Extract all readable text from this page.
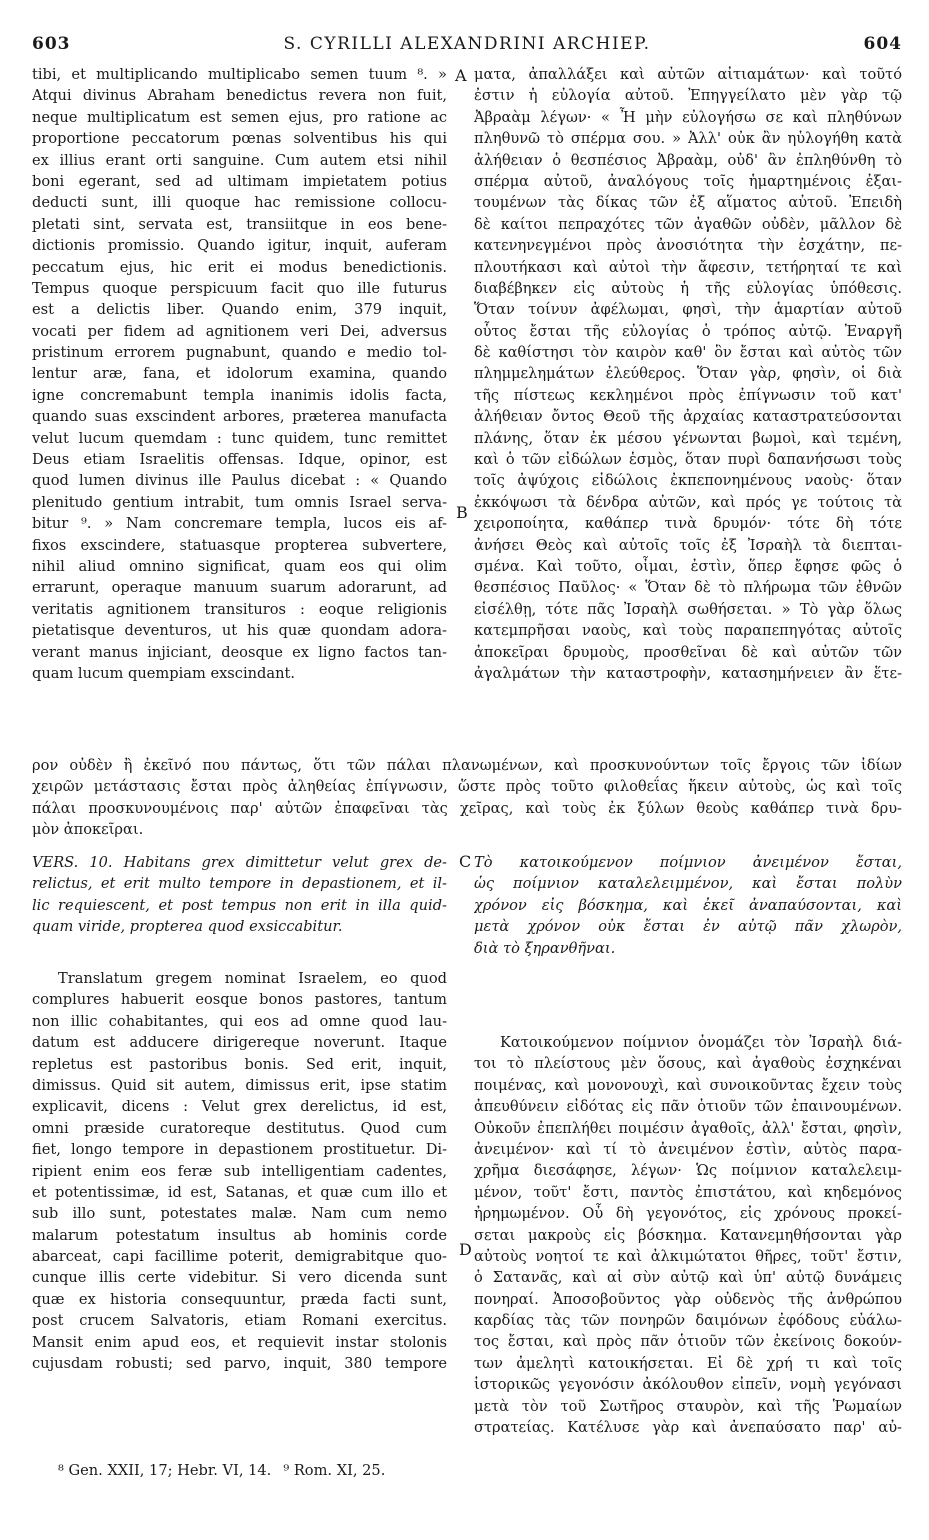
603	S. CYRILLI ALEXANDRINI ARCHIEP.	604
A
B
C
D
tibi, et multiplicando multiplicabo semen tuum ⁸. »
Atqui divinus Abraham benedictus revera non fuit,
neque multiplicatum est semen ejus, pro ratione ac
proportione peccatorum pœnas solventibus his qui
ex illius erant orti sanguine. Cum autem etsi nihil
boni egerant, sed ad ultimam impietatem potius
deducti sunt, illi quoque hac remissione collocu-
pletati sint, servata est, transiitque in eos bene-
dictionis promissio. Quando igitur, inquit, auferam
peccatum ejus, hic erit ei modus benedictionis.
Tempus quoque perspicuum facit quo ille futurus
est a delictis liber. Quando enim, 379 inquit,
vocati per fidem ad agnitionem veri Dei, adversus
pristinum errorem pugnabunt, quando e medio tol-
lentur aræ, fana, et idolorum examina, quando
igne concremabunt templa inanimis idolis facta,
quando suas exscindent arbores, præterea manufacta
velut lucum quemdam : tunc quidem, tunc remittet
Deus etiam Israelitis offensas. Idque, opinor, est
quod lumen divinus ille Paulus dicebat : « Quando
plenitudo gentium intrabit, tum omnis Israel serva-
bitur ⁹. » Nam concremare templa, lucos eis af-
fixos exscindere, statuasque propterea subvertere,
nihil aliud omnino significat, quam eos qui olim
errarunt, operaque manuum suarum adorarunt, ad
veritatis agnitionem transituros : eoque religionis
pietatisque deventuros, ut his quæ quondam adora-
verant manus injiciant, deosque ex ligno factos tan-
quam lucum quempiam exscindant.
ματα, ἀπαλλάξει καὶ αὐτῶν αἰτιαμάτων· καὶ τοῦτό
ἐστιν ἡ εὐλογία αὐτοῦ. Ἐπηγγείλατο μὲν γὰρ τῷ
Ἀβραὰμ λέγων· « Ἦ μὴν εὐλογήσω σε καὶ πληθύνων
πληθυνῶ τὸ σπέρμα σου. » Ἀλλ' οὐκ ἂν ηὐλογήθη κατὰ
ἀλήθειαν ὁ θεσπέσιος Ἀβραὰμ, οὐδ' ἂν ἐπληθύνθη τὸ
σπέρμα αὐτοῦ, ἀναλόγους τοῖς ἡμαρτημένοις ἐξαι-
τουμένων τὰς δίκας τῶν ἐξ αἵματος αὐτοῦ. Ἐπειδὴ
δὲ καίτοι πεπραχότες τῶν ἀγαθῶν οὐδὲν, μᾶλλον δὲ
κατενηνεγμένοι πρὸς ἀνοσιότητα τὴν ἐσχάτην, πε-
πλουτήκασι καὶ αὐτοὶ τὴν ἄφεσιν, τετήρηταί τε καὶ
διαβέβηκεν εἰς αὐτοὺς ἡ τῆς εὐλογίας ὑπόθεσις.
Ὅταν τοίνυν ἀφέλωμαι, φησὶ, τὴν ἁμαρτίαν αὐτοῦ
οὗτος ἔσται τῆς εὐλογίας ὁ τρόπος αὐτῷ. Ἐναργῆ
δὲ καθίστησι τὸν καιρὸν καθ' ὃν ἔσται καὶ αὐτὸς τῶν
πλημμελημάτων ἐλεύθερος. Ὅταν γὰρ, φησὶν, οἱ διὰ
τῆς πίστεως κεκλημένοι πρὸς ἐπίγνωσιν τοῦ κατ'
ἀλήθειαν ὄντος Θεοῦ τῆς ἀρχαίας καταστρατεύσονται
πλάνης, ὅταν ἐκ μέσου γένωνται βωμοὶ, καὶ τεμένη,
καὶ ὁ τῶν εἰδώλων ἑσμὸς, ὅταν πυρὶ δαπανήσωσι τοὺς
τοῖς ἀψύχοις εἰδώλοις ἐκπεπονημένους ναοὺς· ὅταν
ἐκκόψωσι τὰ δένδρα αὐτῶν, καὶ πρός γε τούτοις τὰ
χειροποίητα, καθάπερ τινὰ δρυμόν· τότε δὴ τότε
ἀνήσει Θεὸς καὶ αὐτοῖς τοῖς ἐξ Ἰσραὴλ τὰ διεπται-
σμένα. Καὶ τοῦτο, οἶμαι, ἐστὶν, ὅπερ ἔφησε φῶς ὁ
θεσπέσιος Παῦλος· « Ὅταν δὲ τὸ πλήρωμα τῶν ἐθνῶν
εἰσέλθῃ, τότε πᾶς Ἰσραὴλ σωθήσεται. » Τὸ γὰρ ὅλως
κατεμπρῆσαι ναοὺς, καὶ τοὺς παραπεπηγότας αὐτοῖς
ἀποκεῖραι δρυμοὺς, προσθεῖναι δὲ καὶ αὐτῶν τῶν
ἀγαλμάτων τὴν καταστροφὴν, κατασημήνειεν ἂν ἕτε-
ρον οὐδὲν ἢ ἐκεῖνό που πάντως, ὅτι τῶν πάλαι πλανωμένων, καὶ προσκυνούντων τοῖς ἔργοις τῶν ἰδίων
χειρῶν μετάστασις ἔσται πρὸς ἀληθείας ἐπίγνωσιν, ὥστε πρὸς τοῦτο φιλοθεΐας ἥκειν αὐτοὺς, ὡς καὶ τοῖς
πάλαι προσκυνουμένοις παρ' αὐτῶν ἐπαφεῖναι τὰς χεῖρας, καὶ τοὺς ἐκ ξύλων θεοὺς καθάπερ τινὰ δρυ-
μὸν ἀποκεῖραι.
VERS. 10. Habitans grex dimittetur velut grex de-
relictus, et erit multo tempore in depastionem, et il-
lic requiescent, et post tempus non erit in illa quid-
quam viride, propterea quod exsiccabitur.
Τὸ κατοικούμενον ποίμνιον ἀνειμένον ἔσται,
ὡς ποίμνιον καταλελειμμένον, καὶ ἔσται πολὺν
χρόνον εἰς βόσκημα, καὶ ἐκεῖ ἀναπαύσονται, καὶ
μετὰ χρόνον οὐκ ἔσται ἐν αὐτῷ πᾶν χλωρὸν,
διὰ τὸ ξηρανθῆναι.
Translatum gregem nominat Israelem, eo quod
complures habuerit eosque bonos pastores, tantum
non illic cohabitantes, qui eos ad omne quod lau-
datum est adducere dirigereque noverunt. Itaque
repletus est pastoribus bonis. Sed erit, inquit,
dimissus. Quid sit autem, dimissus erit, ipse statim
explicavit, dicens : Velut grex derelictus, id est,
omni præside curatoreque destitutus. Quod cum
fiet, longo tempore in depastionem prostituetur. Di-
ripient enim eos feræ sub intelligentiam cadentes,
et potentissimæ, id est, Satanas, et quæ cum illo et
sub illo sunt, potestates malæ. Nam cum nemo
malarum potestatum insultus ab hominis corde
abarceat, capi facillime poterit, demigrabitque quo-
cunque illis certe videbitur. Si vero dicenda sunt
quæ ex historia consequuntur, præda facti sunt,
post crucem Salvatoris, etiam Romani exercitus.
Mansit enim apud eos, et requievit instar stolonis
cujusdam robusti; sed parvo, inquit, 380 tempore
Κατοικούμενον ποίμνιον ὀνομάζει τὸν Ἰσραὴλ διά-
τοι τὸ πλείστους μὲν ὅσους, καὶ ἀγαθοὺς ἐσχηκέναι
ποιμένας, καὶ μονονουχὶ, καὶ συνοικοῦντας ἔχειν τοὺς
ἀπευθύνειν εἰδότας εἰς πᾶν ὁτιοῦν τῶν ἐπαινουμένων.
Οὐκοῦν ἐπεπλήθει ποιμέσιν ἀγαθοῖς, ἀλλ' ἔσται, φησὶν,
ἀνειμένον· καὶ τί τὸ ἀνειμένον ἐστὶν, αὐτὸς παρα-
χρῆμα διεσάφησε, λέγων· Ὡς ποίμνιον καταλελειμ-
μένον, τοῦτ' ἔστι, παντὸς ἐπιστάτου, καὶ κηδεμόνος
ἠρημωμένον. Οὗ δὴ γεγονότος, εἰς χρόνους προκεί-
σεται μακροὺς εἰς βόσκημα. Κατανεμηθήσονται γὰρ
αὐτοὺς νοητοί τε καὶ ἀλκιμώτατοι θῆρες, τοῦτ' ἔστιν,
ὁ Σατανᾶς, καὶ αἱ σὺν αὐτῷ καὶ ὑπ' αὐτῷ δυνάμεις
πονηραί. Ἀποσοβοῦντος γὰρ οὐδενὸς τῆς ἀνθρώπου
καρδίας τὰς τῶν πονηρῶν δαιμόνων ἐφόδους εὐάλω-
τος ἔσται, καὶ πρὸς πᾶν ὁτιοῦν τῶν ἐκείνοις δοκούν-
των ἀμελητὶ κατοικήσεται. Εἰ δὲ χρή τι καὶ τοῖς
ἱστορικῶς γεγονόσιν ἀκόλουθον εἰπεῖν, νομὴ γεγόνασι
μετὰ τὸν τοῦ Σωτῆρος σταυρὸν, καὶ τῆς Ῥωμαίων
στρατείας. Κατέλυσε γὰρ καὶ ἀνεπαύσατο παρ' αὐ-
⁸ Gen. XXII, 17; Hebr. VI, 14. ⁹ Rom. XI, 25.
